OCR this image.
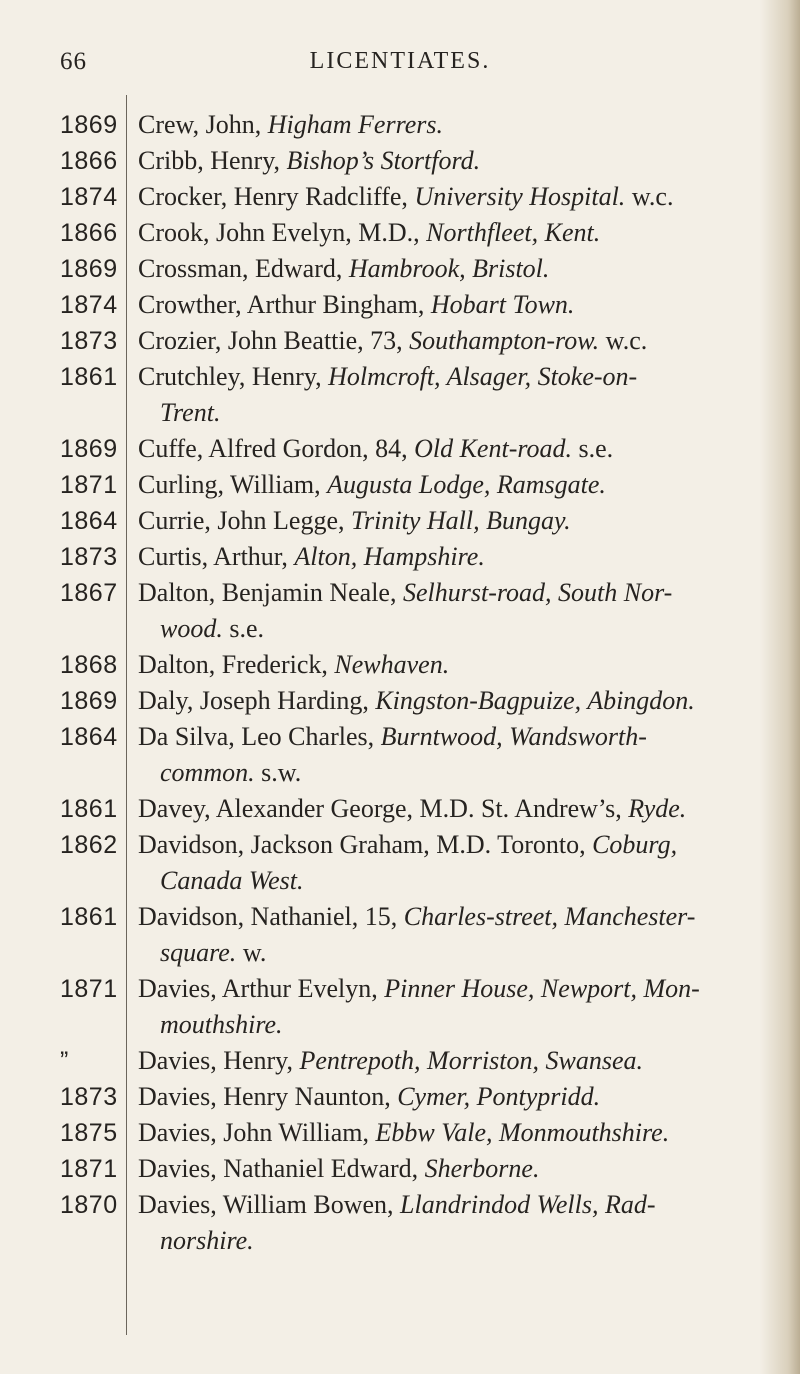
66	LICENTIATES.
1869 Crew, John, Higham Ferrers.
1866 Cribb, Henry, Bishop’s Stortford.
1874 Crocker, Henry Radcliffe, University Hospital. w.c.
1866 Crook, John Evelyn, M.D., Northfleet, Kent.
1869 Crossman, Edward, Hambrook, Bristol.
1874 Crowther, Arthur Bingham, Hobart Town.
1873 Crozier, John Beattie, 73, Southampton-row. w.c.
1861 Crutchley, Henry, Holmcroft, Alsager, Stoke-on-
Trent.
1869 Cuffe, Alfred Gordon, 84, Old Kent-road. s.e.
1871 Curling, William, Augusta Lodge, Ramsgate.
1864 Currie, John Legge, Trinity Hall, Bungay.
1873 Curtis, Arthur, Alton, Hampshire.
1867 Dalton, Benjamin Neale, Selhurst-road, South Nor-
wood. s.e.
1868 Dalton, Frederick, Newhaven.
1869 Daly, Joseph Harding, Kingston-Bagpuize, Abingdon.
1864 Da Silva, Leo Charles, Burntwood, Wandsworth-
common. s.w.
1861 Davey, Alexander George, M.D. St. Andrew’s, Ryde.
1862 Davidson, Jackson Graham, M.D. Toronto, Coburg,
Canada West.
1861 Davidson, Nathaniel, 15, Charles-street, Manchester-
square. w.
1871 Davies, Arthur Evelyn, Pinner House, Newport, Mon-
mouthshire.
”	Davies, Henry, Pentrepoth, Morriston, Swansea.
1873 Davies, Henry Naunton, Cymer, Pontypridd.
1875 Davies, John William, Ebbw Vale, Monmouthshire.
1871 Davies, Nathaniel Edward, Sherborne.
1870 Davies, William Bowen, Llandrindod Wells, Rad-
norshire.
